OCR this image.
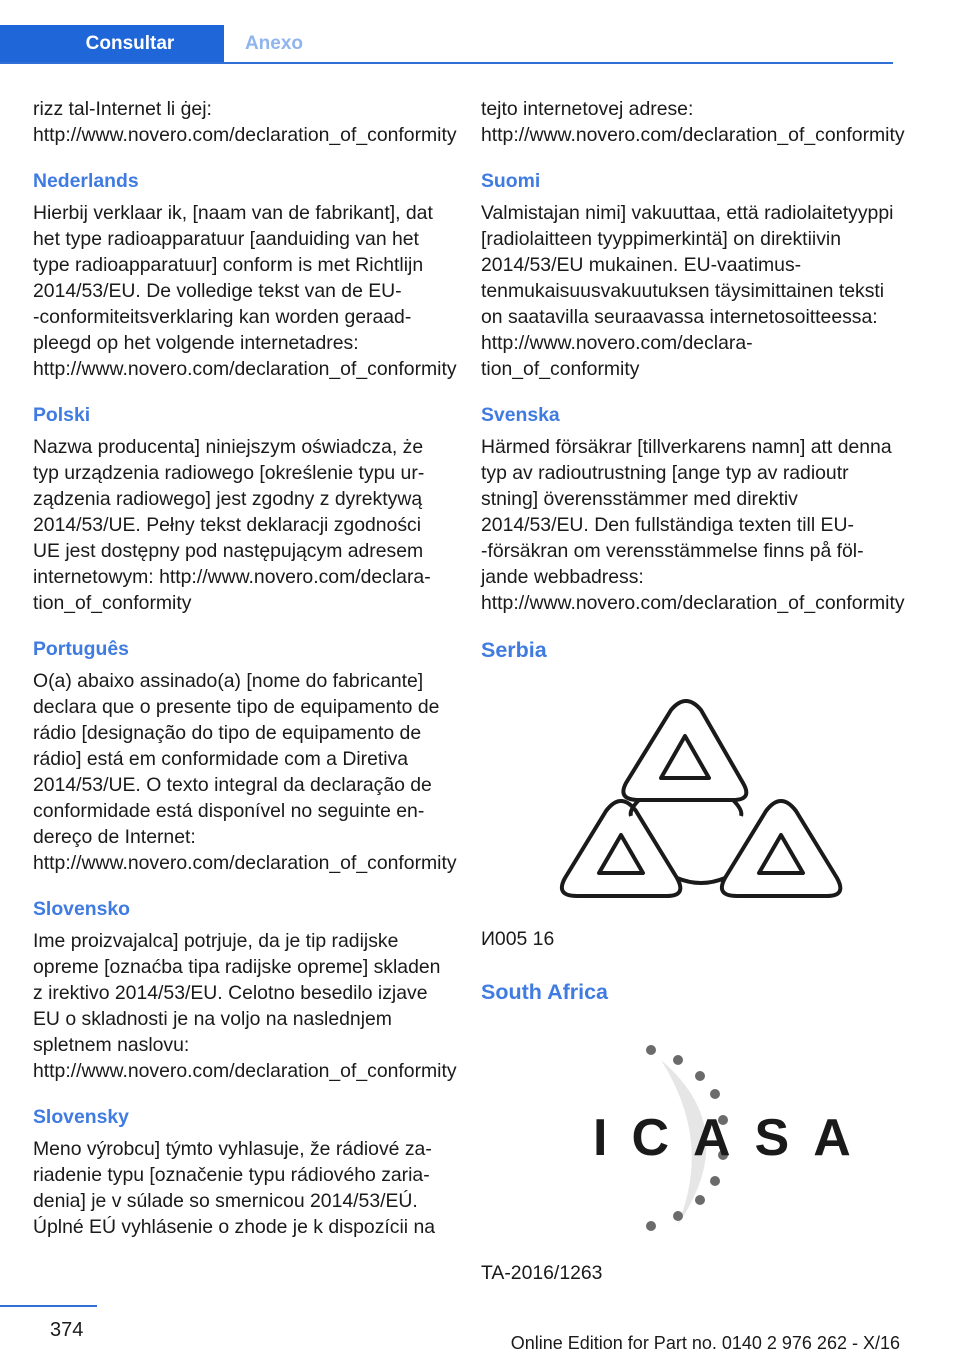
Consultar	Anexo

rizz tal‑Internet li ġej: http://www.novero.com/declaration_of_conformity

Nederlands

Hierbij verklaar ik, [naam van de fabrikant], dat het type radioapparatuur [aanduiding van het type radioapparatuur] conform is met Richtlijn 2014/53/EU. De volledige tekst van de EU-‑conformiteitsverklaring kan worden geraadpleegd op het volgende internetadres: http://www.novero.com/declaration_of_conformity

Polski

Nazwa producenta] niniejszym oświadcza, że typ urządzenia radiowego [określenie typu urządzenia radiowego] jest zgodny z dyrektywą 2014/53/UE. Pełny tekst deklaracji zgodności UE jest dostępny pod następującym adresem internetowym: http://www.novero.com/declaration_of_conformity

Português

O(a) abaixo assinado(a) [nome do fabricante] declara que o presente tipo de equipamento de rádio [designação do tipo de equipamento de rádio] está em conformidade com a Diretiva 2014/53/UE. O texto integral da declaração de conformidade está disponível no seguinte endereço de Internet: http://www.novero.com/declaration_of_conformity

Slovensko

Ime proizvajalca] potrjuje, da je tip radijske opreme [oznaćba tipa radijske opreme] skladen z irektivo 2014/53/EU. Celotno besedilo izjave EU o skladnosti je na voljo na naslednjem spletnem naslovu: http://www.novero.com/declaration_of_conformity

Slovensky

Meno výrobcu] týmto vyhlasuje, že rádiové zariadenie typu [označenie typu rádiového zariadenia] je v súlade so smernicou 2014/53/EÚ. Úplné EÚ vyhlásenie o zhode je k dispozícii na

tejto internetovej adrese: http://www.novero.com/declaration_of_conformity

Suomi

Valmistajan nimi] vakuuttaa, että radiolaitetyyppi [radiolaitteen tyyppimerkintä] on direktiivin 2014/53/EU mukainen. EU-vaatimustenmukaisuusvakuutuksen täysimittainen teksti on saatavilla seuraavassa internetosoitteessa: http://www.novero.com/declaration_of_conformity

Svenska

Härmed försäkrar [tillverkarens namn] att denna typ av radioutrustning [ange typ av radioutr stning] överensstämmer med direktiv 2014/53/EU. Den fullständiga texten till EU-‑försäkran om verensstämmelse finns på följande webbadress: http://www.novero.com/declaration_of_conformity

Serbia

И005 16

South Africa
ICASA

TA-2016/1263

374
Online Edition for Part no. 0140 2 976 262 - X/16
